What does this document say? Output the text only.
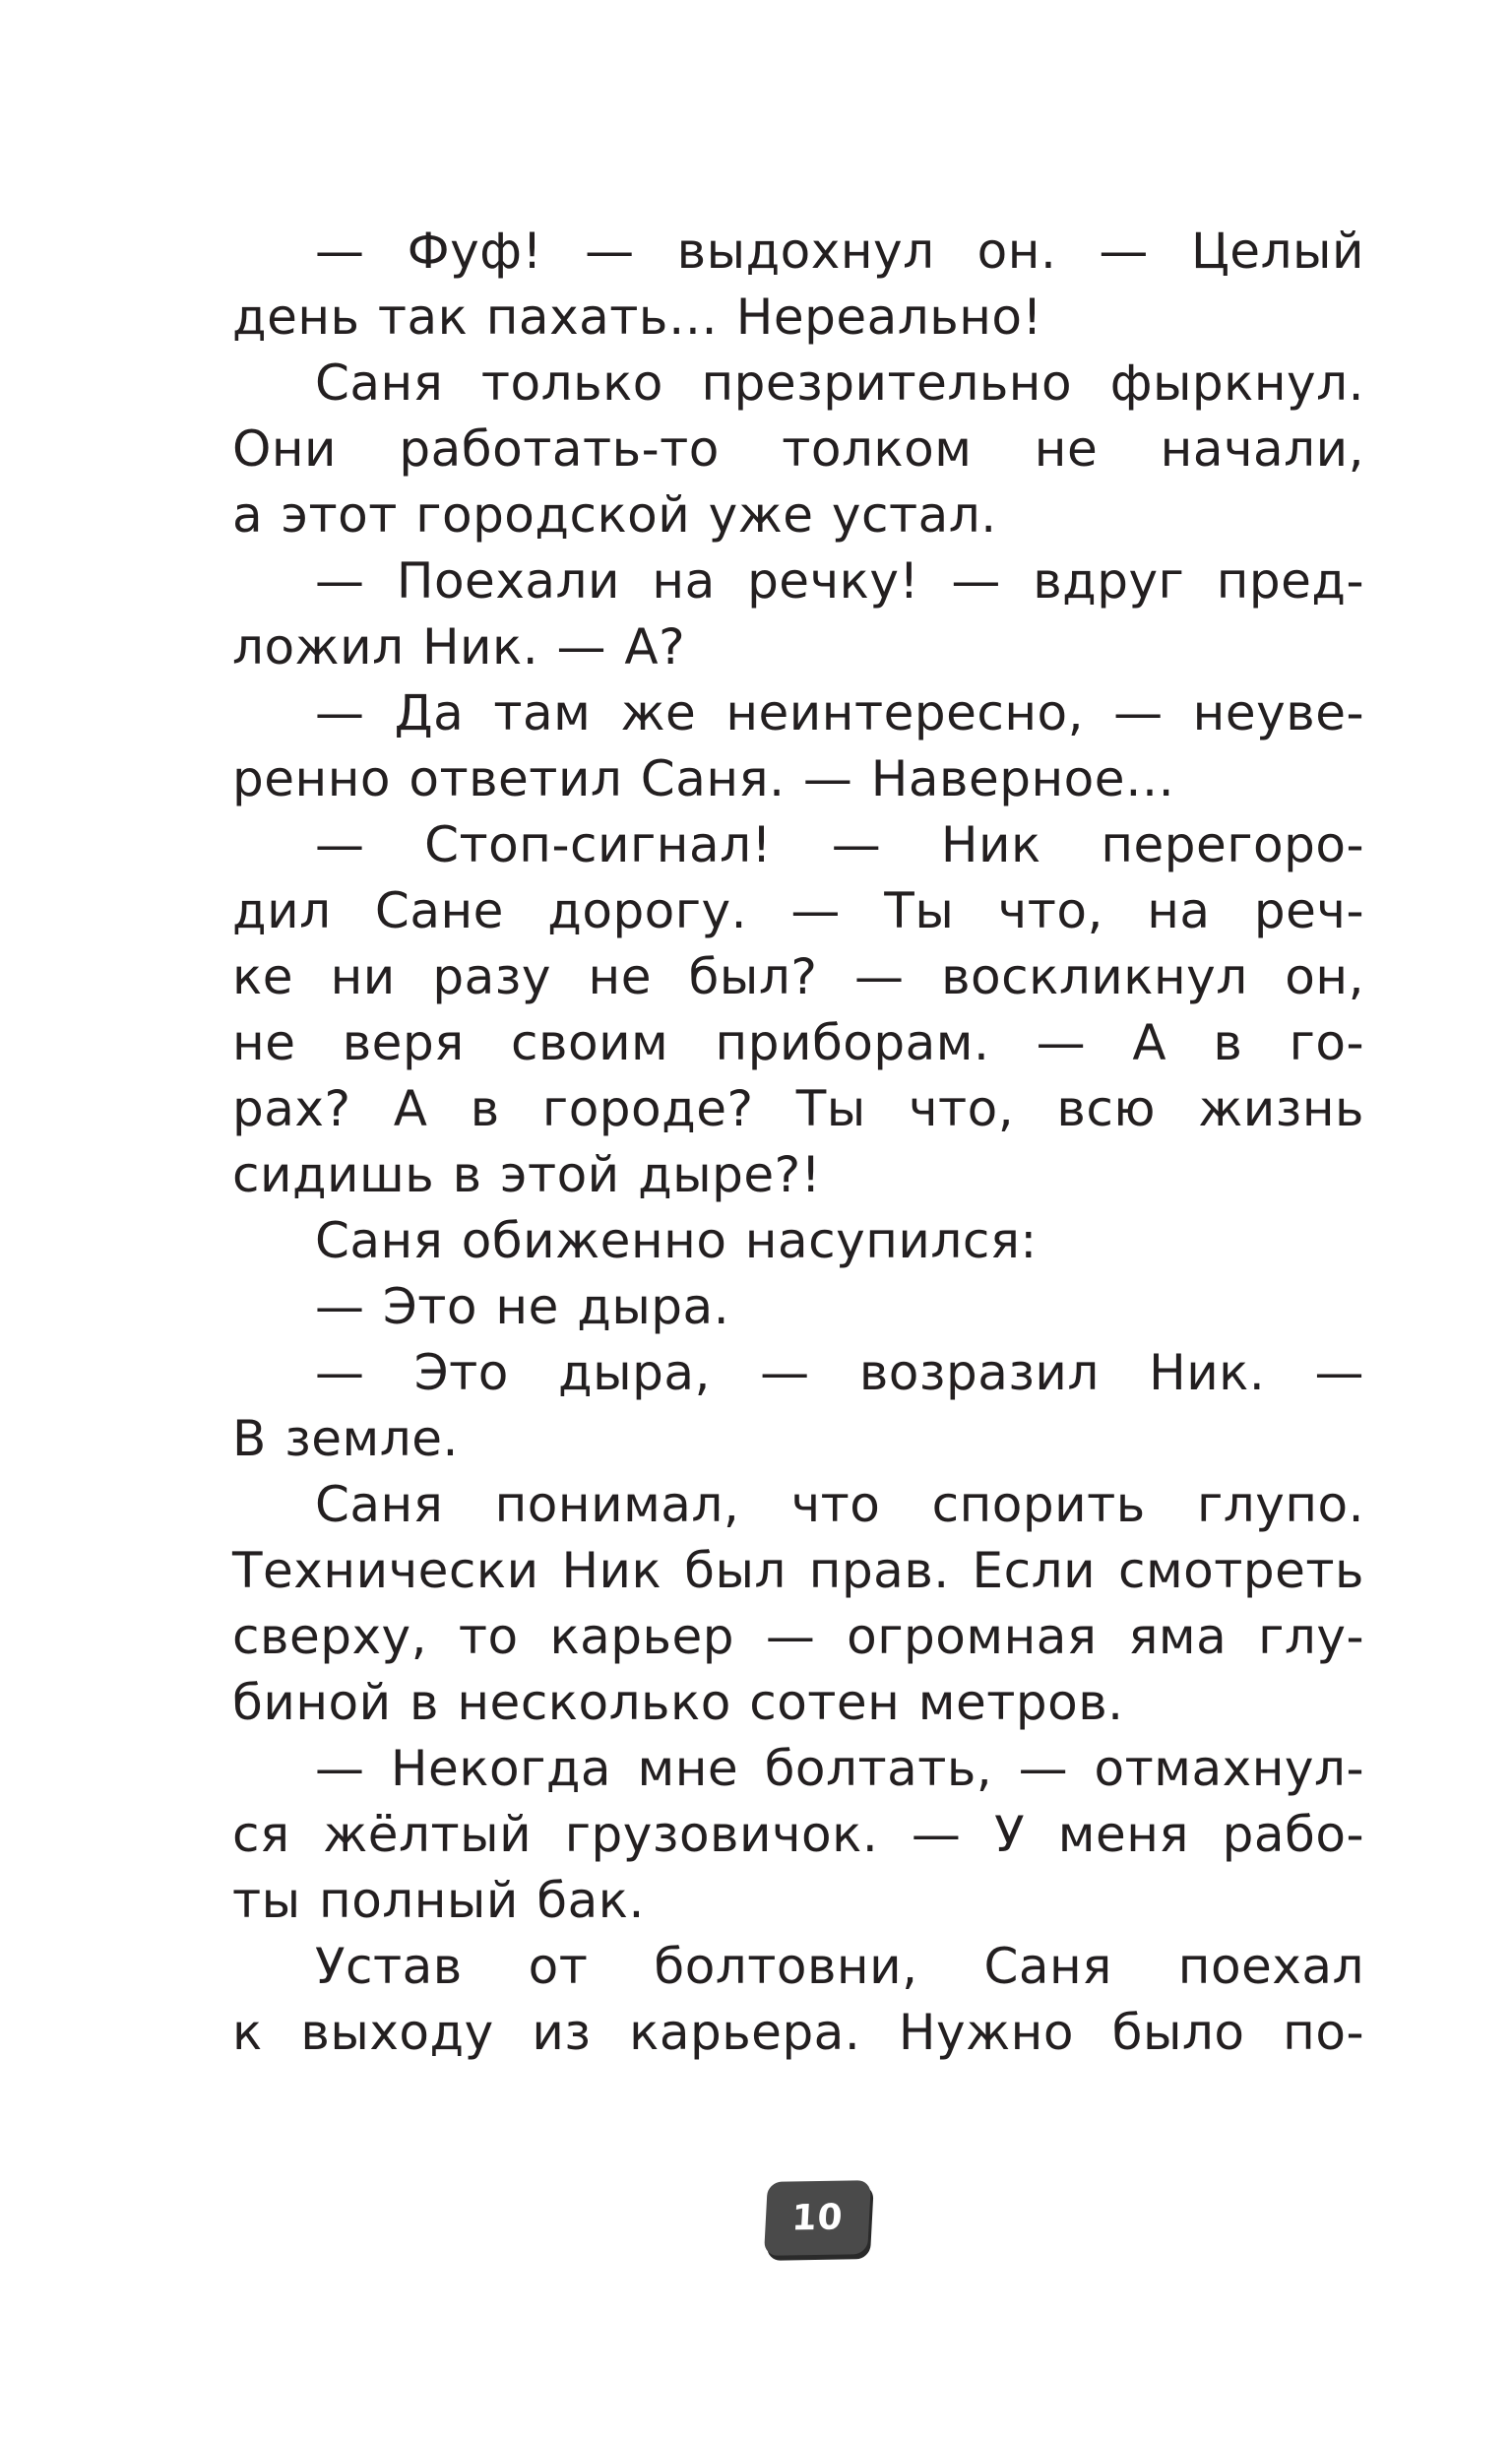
— Фуф! — выдохнул он. — Целый
день так пахать… Нереально!
Саня только презрительно фыркнул.
Они работать-то толком не начали,
а этот городской уже устал.
— Поехали на речку! — вдруг пред-
ложил Ник. — А?
— Да там же неинтересно, — неуве-
ренно ответил Саня. — Наверное…
— Стоп-сигнал! — Ник перегоро-
дил Сане дорогу. — Ты что, на реч-
ке ни разу не был? — воскликнул он,
не веря своим приборам. — А в го-
рах? А в городе? Ты что, всю жизнь
сидишь в этой дыре?!
Саня обиженно насупился:
— Это не дыра.
— Это дыра, — возразил Ник. —
В земле.
Саня понимал, что спорить глупо.
Технически Ник был прав. Если смотреть
сверху, то карьер — огромная яма глу-
биной в несколько сотен метров.
— Некогда мне болтать, — отмахнул-
ся жёлтый грузовичок. — У меня рабо-
ты полный бак.
Устав от болтовни, Саня поехал
к выходу из карьера. Нужно было по-
10
